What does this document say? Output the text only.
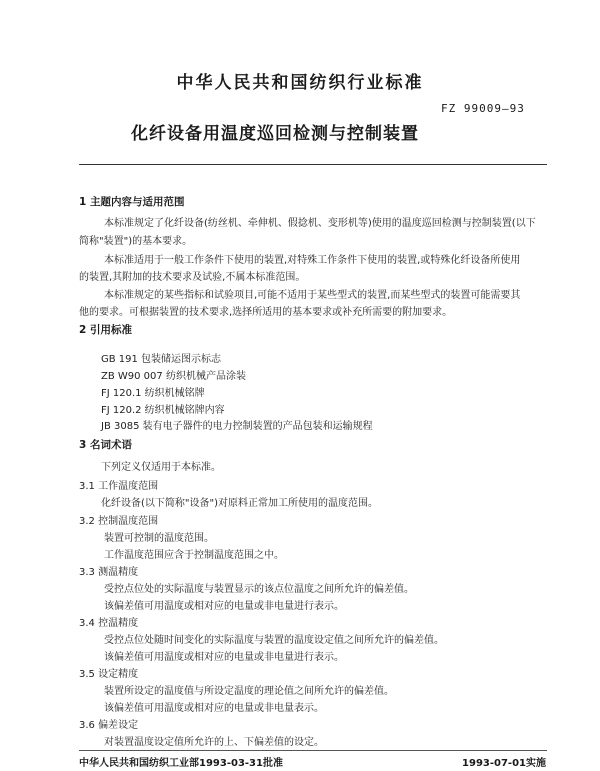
中华人民共和国纺织行业标准
FZ 99009—93
化纤设备用温度巡回检测与控制装置
1 主题内容与适用范围
本标准规定了化纤设备(纺丝机、牵伸机、假捻机、变形机等)使用的温度巡回检测与控制装置(以下
简称"装置")的基本要求。
本标准适用于一般工作条件下使用的装置,对特殊工作条件下使用的装置,或特殊化纤设备所使用
的装置,其附加的技术要求及试验,不属本标准范围。
本标准规定的某些指标和试验项目,可能不适用于某些型式的装置,而某些型式的装置可能需要其
他的要求。可根据装置的技术要求,选择所适用的基本要求或补充所需要的附加要求。
2 引用标准
GB 191 包装储运图示标志
ZB W90 007 纺织机械产品涂装
FJ 120.1 纺织机械铭牌
FJ 120.2 纺织机械铭牌内容
JB 3085 装有电子器件的电力控制装置的产品包装和运输规程
3 名词术语
下列定义仅适用于本标准。
3.1 工作温度范围
化纤设备(以下简称"设备")对原料正常加工所使用的温度范围。
3.2 控制温度范围
装置可控制的温度范围。
工作温度范围应含于控制温度范围之中。
3.3 测温精度
受控点位处的实际温度与装置显示的该点位温度之间所允许的偏差值。
该偏差值可用温度或相对应的电量或非电量进行表示。
3.4 控温精度
受控点位处随时间变化的实际温度与装置的温度设定值之间所允许的偏差值。
该偏差值可用温度或相对应的电量或非电量进行表示。
3.5 设定精度
装置所设定的温度值与所设定温度的理论值之间所允许的偏差值。
该偏差值可用温度或相对应的电量或非电量表示。
3.6 偏差设定
对装置温度设定值所允许的上、下偏差值的设定。
中华人民共和国纺织工业部1993-03-31批准	1993-07-01实施
